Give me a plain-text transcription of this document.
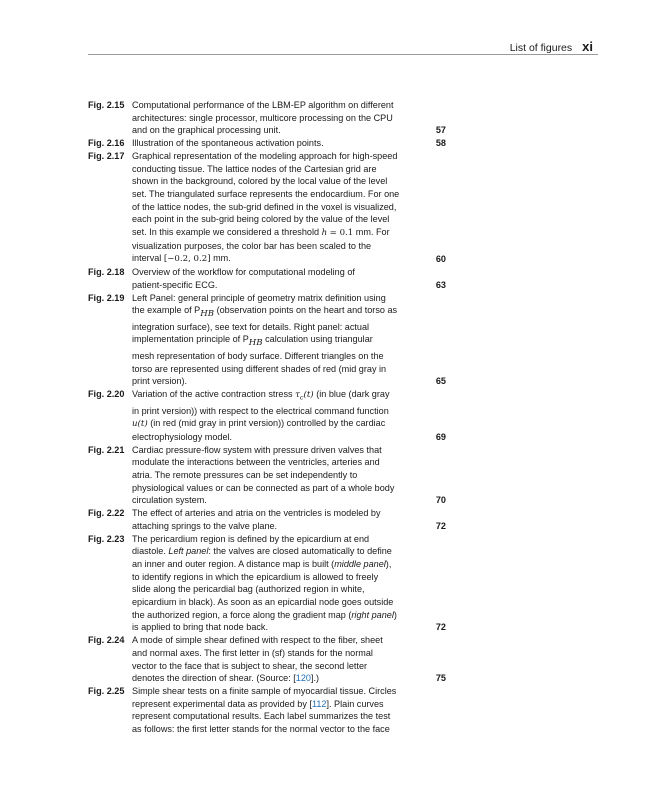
List of figures xi
Fig. 2.15 Computational performance of the LBM-EP algorithm on different

architectures: single processor, multicore processing on the CPU

and on the graphical processing unit.	57
Fig. 2.16 Illustration of the spontaneous activation points.	58
Fig. 2.17 Graphical representation of the modeling approach for high-speed

conducting tissue. The lattice nodes of the Cartesian grid are

shown in the background, colored by the local value of the level

set. The triangulated surface represents the endocardium. For one

of the lattice nodes, the sub-grid defined in the voxel is visualized,

each point in the sub-grid being colored by the value of the level

set. In this example we considered a threshold h = 0.1 mm. For

visualization purposes, the color bar has been scaled to the

interval [−0.2, 0.2] mm.	60
Fig. 2.18 Overview of the workflow for computational modeling of

patient-specific ECG.	63
Fig. 2.19 Left Panel: general principle of geometry matrix definition using

the example of $P_{HB}$ (observation points on the heart and torso as

integration surface), see text for details. Right panel: actual

implementation principle of $P_{HB}$ calculation using triangular

mesh representation of body surface. Different triangles on the

torso are represented using different shades of red (mid gray in

print version).	65
Fig. 2.20 Variation of the active contraction stress $\tau_c(t)$ (in blue (dark gray

in print version)) with respect to the electrical command function

u(t) (in red (mid gray in print version)) controlled by the cardiac

electrophysiology model.	69
Fig. 2.21 Cardiac pressure-flow system with pressure driven valves that

modulate the interactions between the ventricles, arteries and

atria. The remote pressures can be set independently to

physiological values or can be connected as part of a whole body

circulation system.	70
Fig. 2.22 The effect of arteries and atria on the ventricles is modeled by

attaching springs to the valve plane.	72
Fig. 2.23 The pericardium region is defined by the epicardium at end

diastole. Left panel: the valves are closed automatically to define

an inner and outer region. A distance map is built (middle panel),

to identify regions in which the epicardium is allowed to freely

slide along the pericardial bag (authorized region in white,

epicardium in black). As soon as an epicardial node goes outside

the authorized region, a force along the gradient map (right panel)

is applied to bring that node back.	72
Fig. 2.24 A mode of simple shear defined with respect to the fiber, sheet

and normal axes. The first letter in (sf) stands for the normal

vector to the face that is subject to shear, the second letter

denotes the direction of shear. (Source: [120].)	75
Fig. 2.25 Simple shear tests on a finite sample of myocardial tissue. Circles

represent experimental data as provided by [112]. Plain curves

represent computational results. Each label summarizes the test

as follows: the first letter stands for the normal vector to the face
